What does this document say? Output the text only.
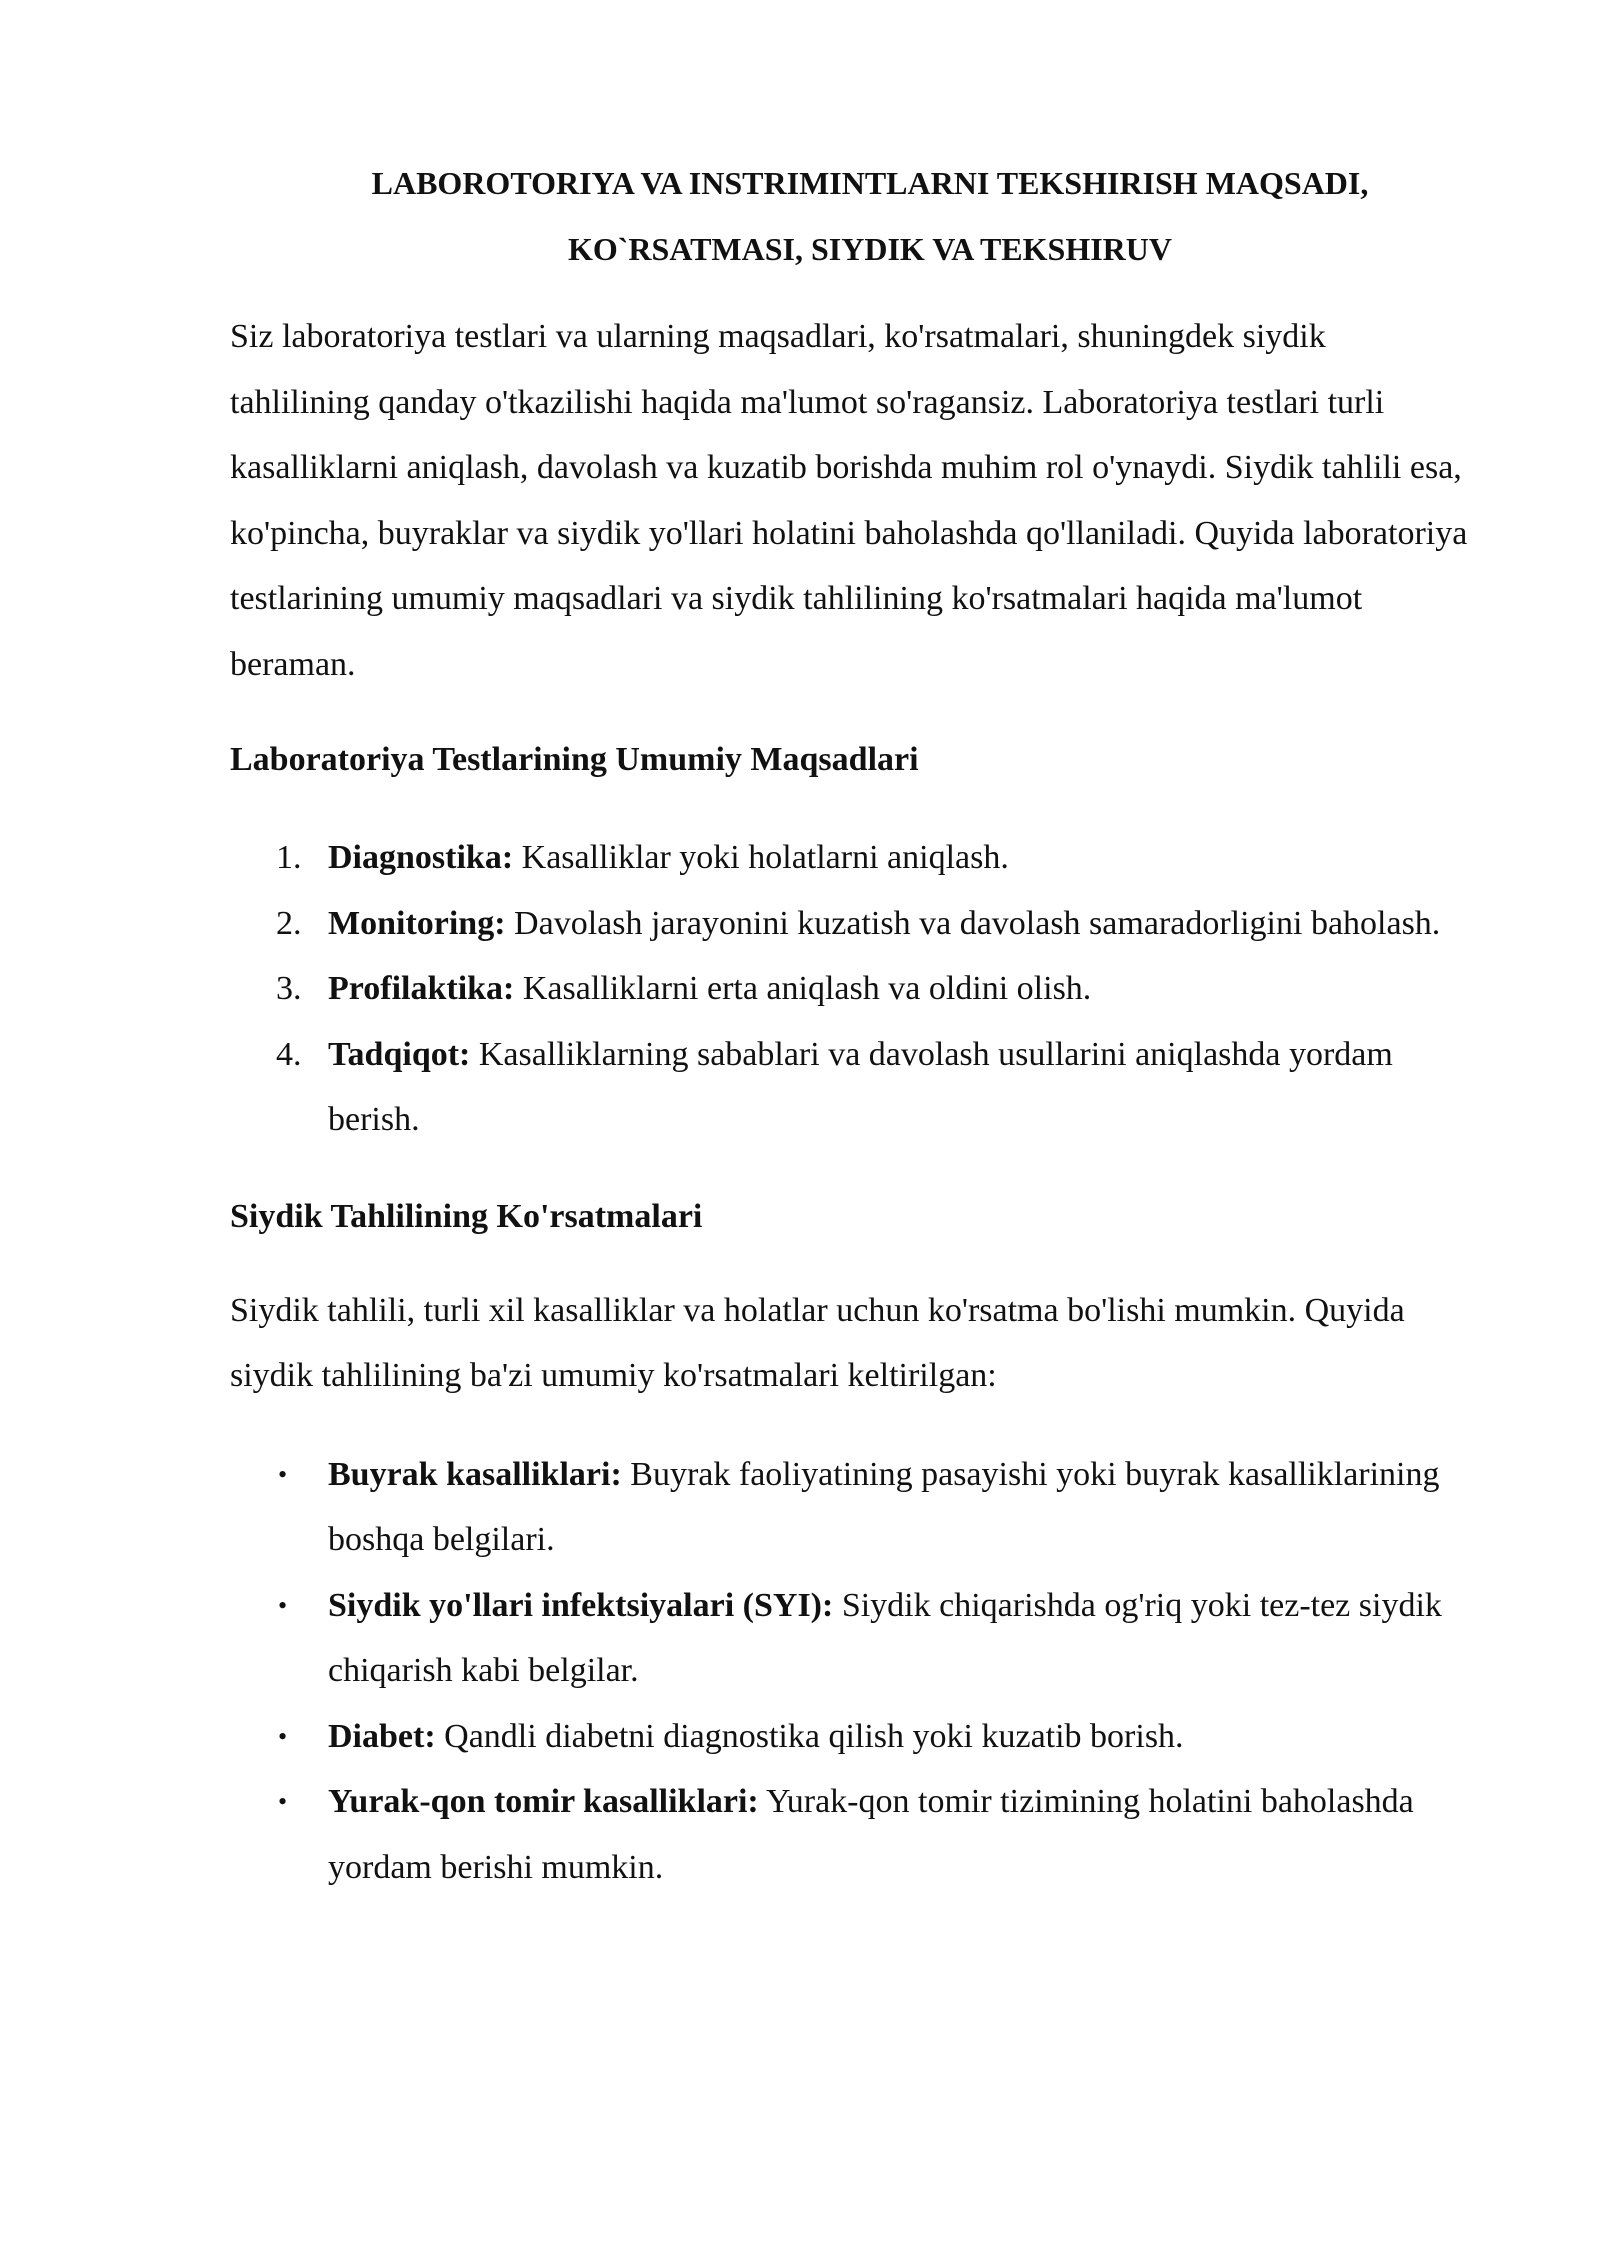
LABOROTORIYA VA INSTRIMINTLARNI TEKSHIRISH MAQSADI,
KO`RSATMASI, SIYDIK VA TEKSHIRUV

Siz laboratoriya testlari va ularning maqsadlari, ko'rsatmalari, shuningdek siydik tahlilining qanday o'tkazilishi haqida ma'lumot so'ragansiz. Laboratoriya testlari turli kasalliklarni aniqlash, davolash va kuzatib borishda muhim rol o'ynaydi. Siydik tahlili esa, ko'pincha, buyraklar va siydik yo'llari holatini baholashda qo'llaniladi. Quyida laboratoriya testlarining umumiy maqsadlari va siydik tahlilining ko'rsatmalari haqida ma'lumot beraman.

Laboratoriya Testlarining Umumiy Maqsadlari
1. Diagnostika: Kasalliklar yoki holatlarni aniqlash.
2. Monitoring: Davolash jarayonini kuzatish va davolash samaradorligini baholash.
3. Profilaktika: Kasalliklarni erta aniqlash va oldini olish.
4. Tadqiqot: Kasalliklarning sabablari va davolash usullarini aniqlashda yordam berish.
Siydik Tahlilining Ko'rsatmalari

Siydik tahlili, turli xil kasalliklar va holatlar uchun ko'rsatma bo'lishi mumkin. Quyida siydik tahlilining ba'zi umumiy ko'rsatmalari keltirilgan:

• Buyrak kasalliklari: Buyrak faoliyatining pasayishi yoki buyrak kasalliklarining boshqa belgilari.
• Siydik yo'llari infektsiyalari (SYI): Siydik chiqarishda og'riq yoki tez-tez siydik chiqarish kabi belgilar.
• Diabet: Qandli diabetni diagnostika qilish yoki kuzatib borish.
• Yurak-qon tomir kasalliklari: Yurak-qon tomir tizimining holatini baholashda yordam berishi mumkin.
